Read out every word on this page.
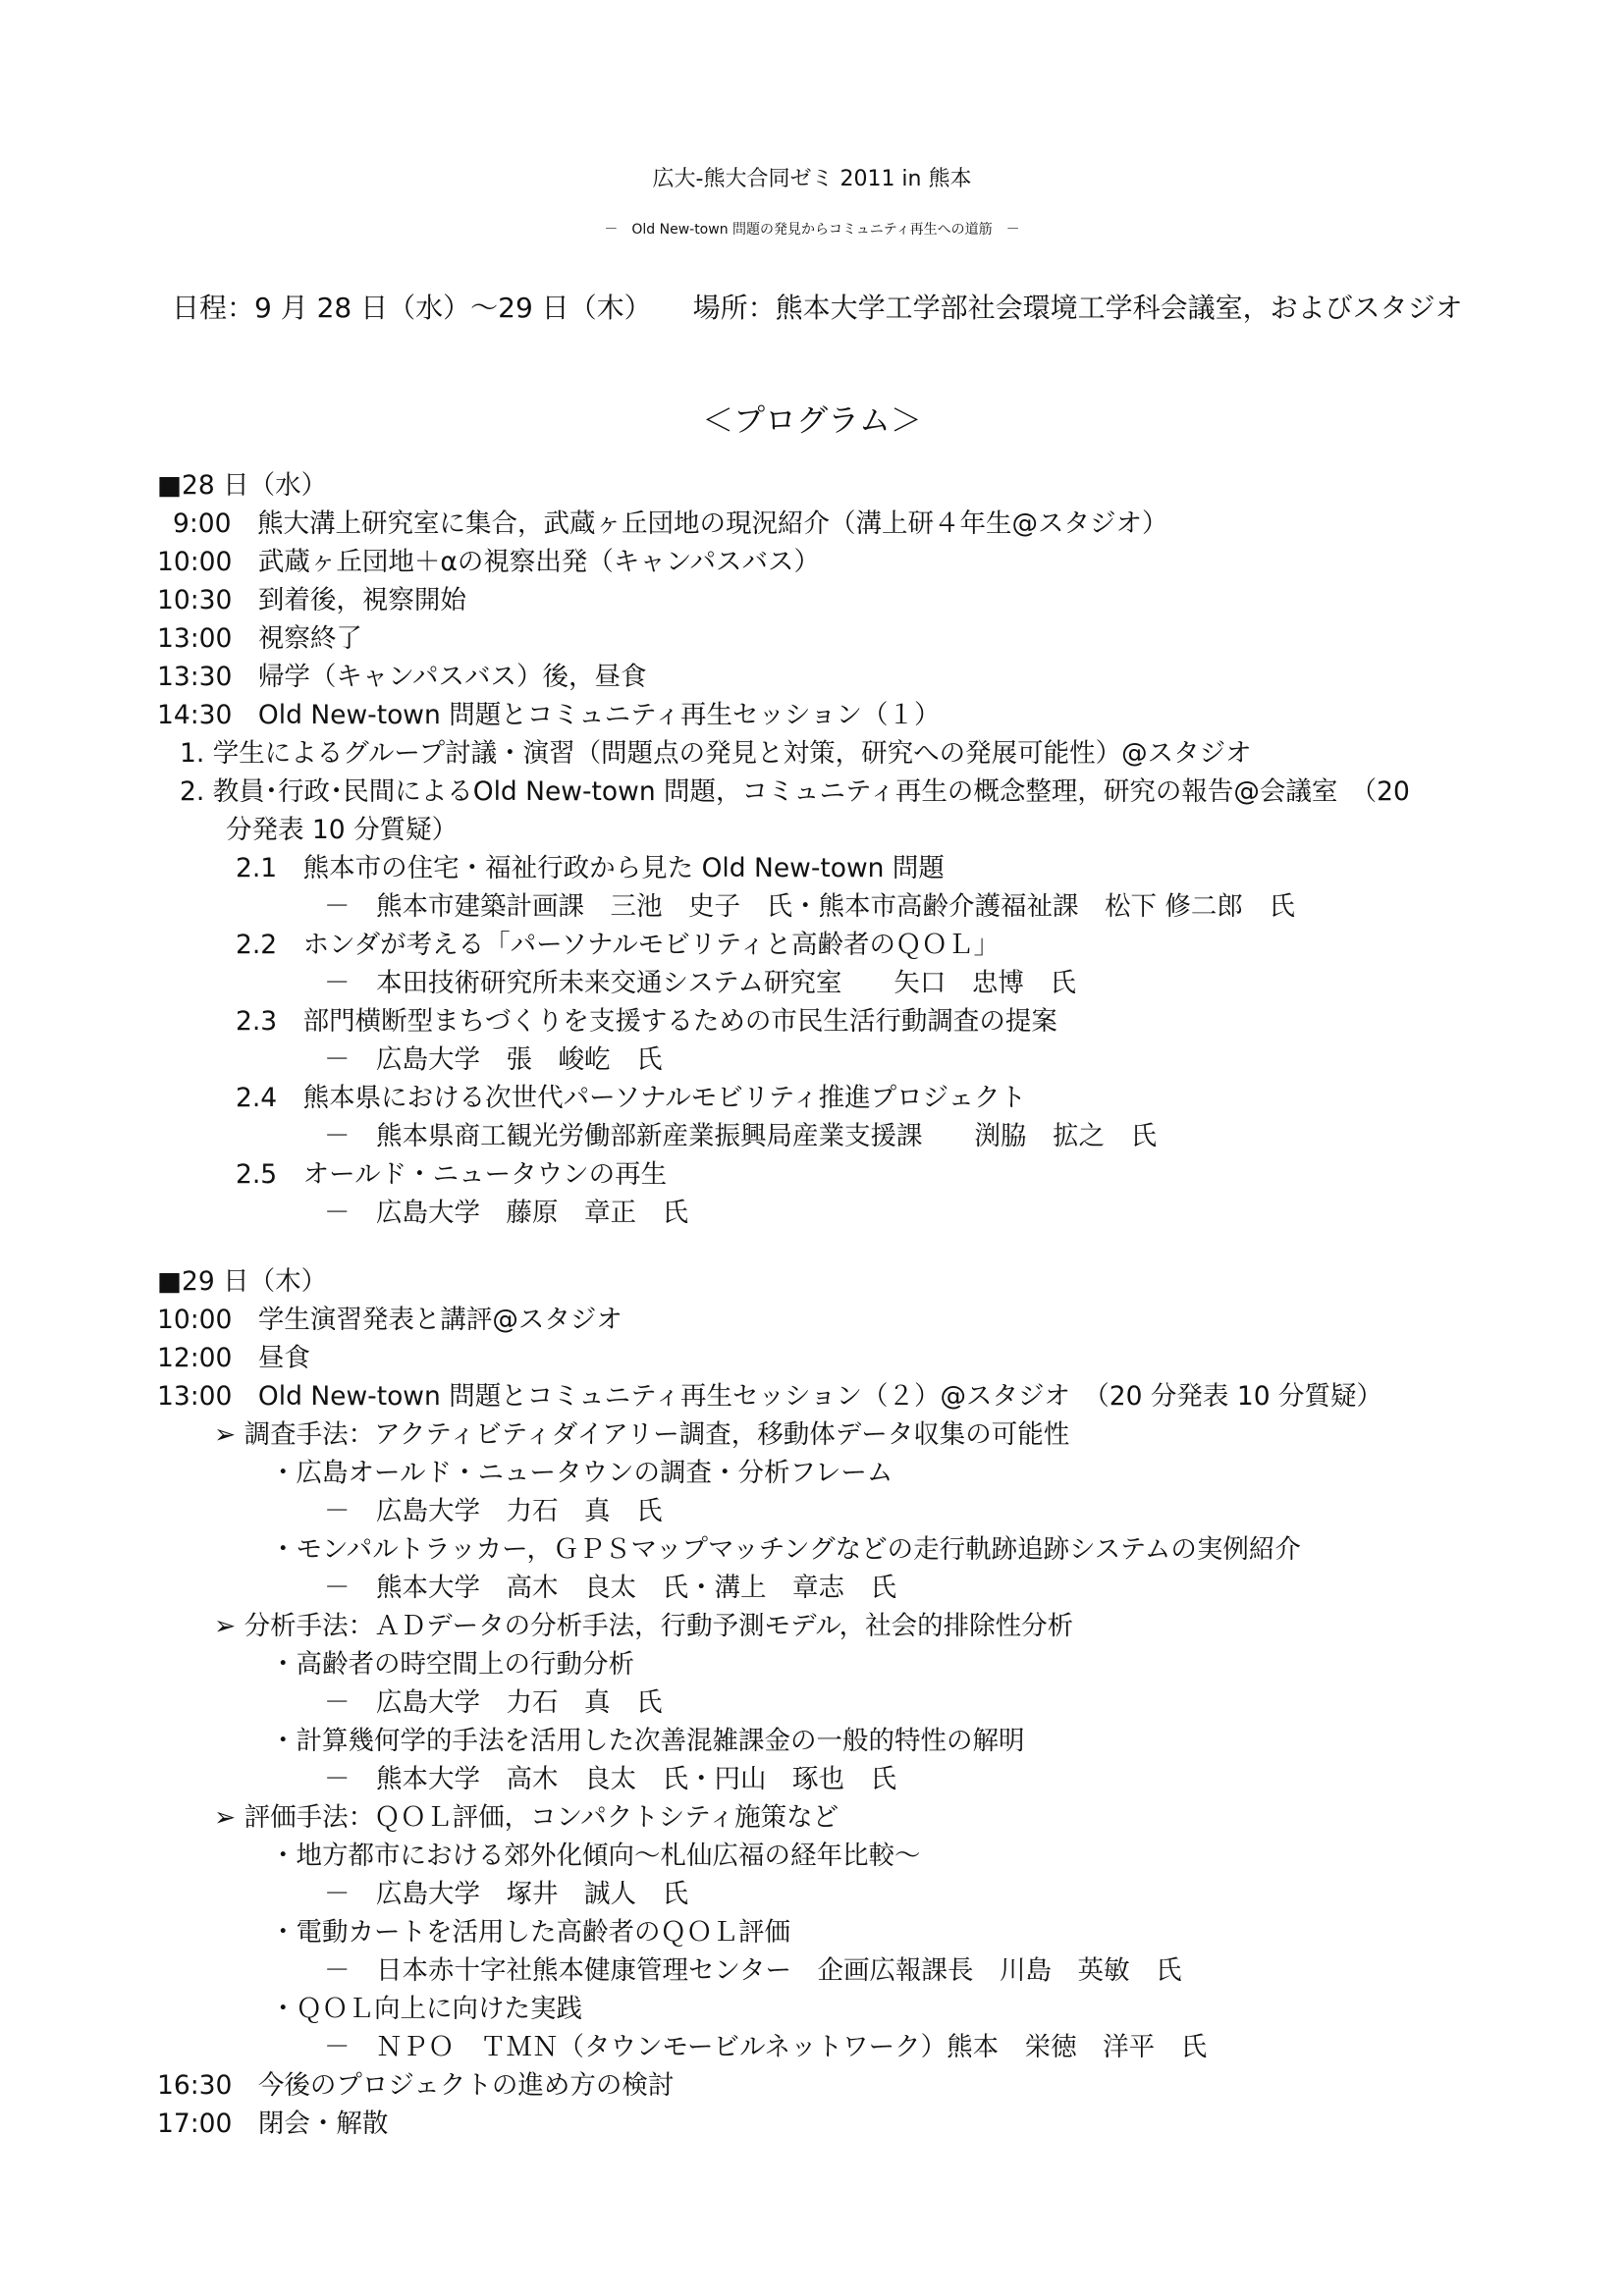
広大-熊大合同ゼミ 2011 in 熊本
－　Old New-town 問題の発見からコミュニティ再生への道筋　－
日程：9 月 28 日（水）～29 日（木）　　場所：熊本大学工学部社会環境工学科会議室，およびスタジオ
＜プログラム＞
■28 日（水）
9:00　熊大溝上研究室に集合，武蔵ヶ丘団地の現況紹介（溝上研４年生@スタジオ）
10:00　武蔵ヶ丘団地＋αの視察出発（キャンパスバス）
10:30　到着後，視察開始
13:00　視察終了
13:30　帰学（キャンパスバス）後，昼食
14:30　Old New-town 問題とコミュニティ再生セッション（１）
1. 学生によるグループ討議・演習（問題点の発見と対策，研究への発展可能性）@スタジオ
2. 教員･行政･民間によるOld New-town 問題，コミュニティ再生の概念整理，研究の報告@会議室　（20
分発表 10 分質疑）
2.1　熊本市の住宅・福祉行政から見た Old New-town 問題
－　熊本市建築計画課　三池　史子　氏・熊本市高齢介護福祉課　松下 修二郎　氏
2.2　ホンダが考える「パーソナルモビリティと高齢者のＱＯＬ」
－　本田技術研究所未来交通システム研究室　　矢口　忠博　氏
2.3　部門横断型まちづくりを支援するための市民生活行動調査の提案
－　広島大学　張　峻屹　氏
2.4　熊本県における次世代パーソナルモビリティ推進プロジェクト
－　熊本県商工観光労働部新産業振興局産業支援課　　渕脇　拡之　氏
2.5　オールド・ニュータウンの再生
－　広島大学　藤原　章正　氏
■29 日（木）
10:00　学生演習発表と講評@スタジオ
12:00　昼食
13:00　Old New-town 問題とコミュニティ再生セッション（２）@スタジオ　（20 分発表 10 分質疑）
➢ 調査手法：アクティビティダイアリー調査，移動体データ収集の可能性
・広島オールド・ニュータウンの調査・分析フレーム
－　広島大学　力石　真　氏
・モンパルトラッカー，ＧＰＳマップマッチングなどの走行軌跡追跡システムの実例紹介
－　熊本大学　高木　良太　氏・溝上　章志　氏
➢ 分析手法：ＡＤデータの分析手法，行動予測モデル，社会的排除性分析
・高齢者の時空間上の行動分析
－　広島大学　力石　真　氏
・計算幾何学的手法を活用した次善混雑課金の一般的特性の解明
－　熊本大学　高木　良太　氏・円山　琢也　氏
➢ 評価手法：ＱＯＬ評価，コンパクトシティ施策など
・地方都市における郊外化傾向～札仙広福の経年比較～
－　広島大学　塚井　誠人　氏
・電動カートを活用した高齢者のＱＯＬ評価
－　日本赤十字社熊本健康管理センター　企画広報課長　川島　英敏　氏
・ＱＯＬ向上に向けた実践
－　ＮＰＯ　ＴＭＮ（タウンモービルネットワーク）熊本　栄徳　洋平　氏
16:30　今後のプロジェクトの進め方の検討
17:00　閉会・解散
